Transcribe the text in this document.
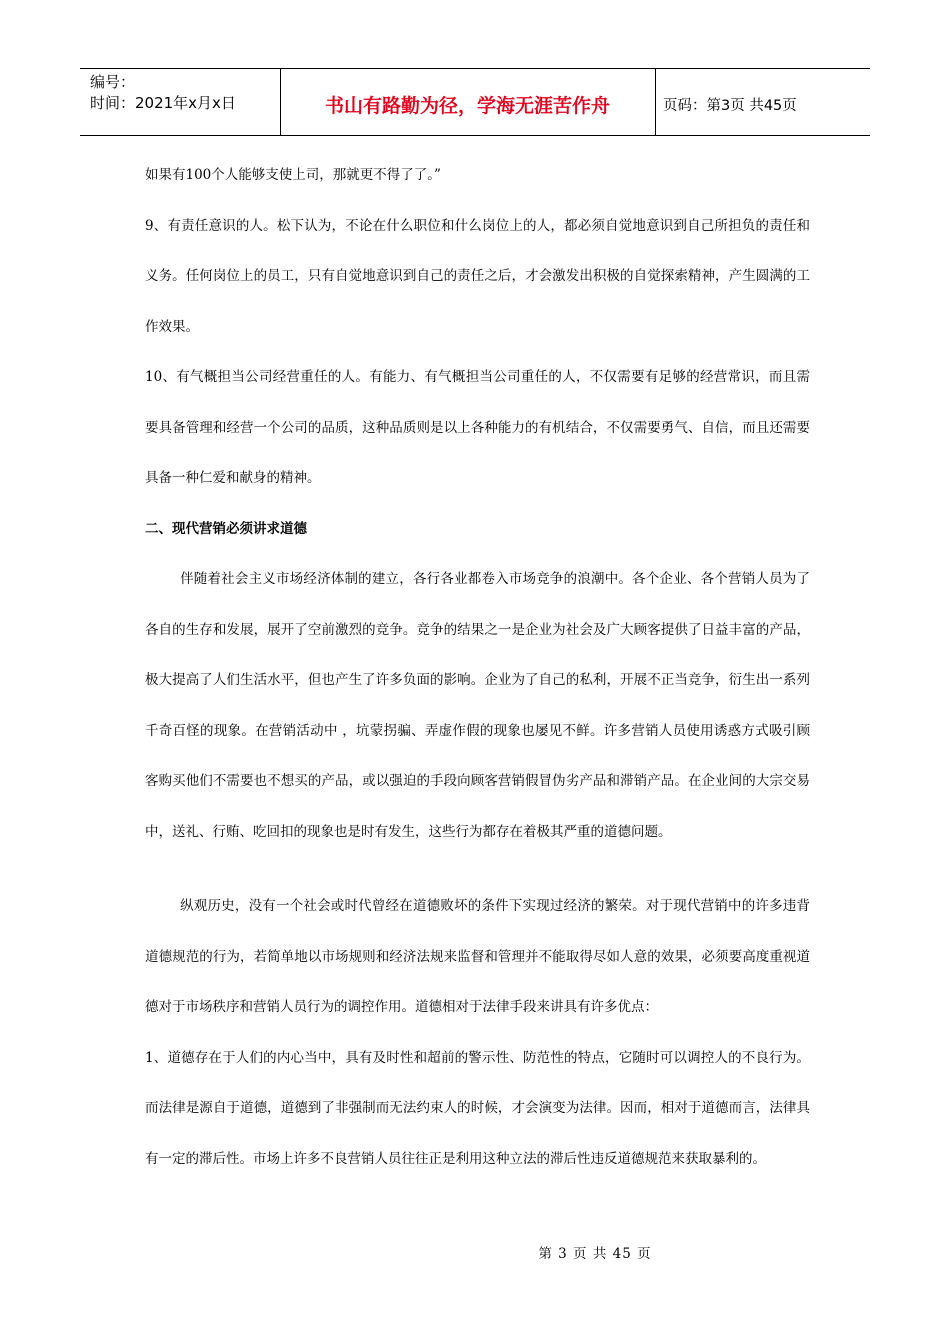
编号：
时间：2021年x月x日	书山有路勤为径，学海无涯苦作舟	页码：第3页 共45页

如果有100个人能够支使上司，那就更不得了了。”

9、有责任意识的人。松下认为，不论在什么职位和什么岗位上的人，都必须自觉地意识到自己所担负的责任和义务。任何岗位上的员工，只有自觉地意识到自己的责任之后，才会激发出积极的自觉探索精神，产生圆满的工作效果。

10、有气概担当公司经营重任的人。有能力、有气概担当公司重任的人，不仅需要有足够的经营常识，而且需要具备管理和经营一个公司的品质，这种品质则是以上各种能力的有机结合，不仅需要勇气、自信，而且还需要具备一种仁爱和献身的精神。

二、现代营销必须讲求道德

伴随着社会主义市场经济体制的建立，各行各业都卷入市场竞争的浪潮中。各个企业、各个营销人员为了各自的生存和发展，展开了空前激烈的竞争。竞争的结果之一是企业为社会及广大顾客提供了日益丰富的产品，极大提高了人们生活水平，但也产生了许多负面的影响。企业为了自己的私利，开展不正当竞争，衍生出一系列千奇百怪的现象。在营销活动中 ，坑蒙拐骗、弄虚作假的现象也屡见不鲜。许多营销人员使用诱惑方式吸引顾客购买他们不需要也不想买的产品，或以强迫的手段向顾客营销假冒伪劣产品和滞销产品。在企业间的大宗交易中，送礼、行贿、吃回扣的现象也是时有发生，这些行为都存在着极其严重的道德问题。

纵观历史，没有一个社会或时代曾经在道德败坏的条件下实现过经济的繁荣。对于现代营销中的许多违背道德规范的行为，若简单地以市场规则和经济法规来监督和管理并不能取得尽如人意的效果，必须要高度重视道德对于市场秩序和营销人员行为的调控作用。道德相对于法律手段来讲具有许多优点：

1、道德存在于人们的内心当中，具有及时性和超前的警示性、防范性的特点，它随时可以调控人的不良行为。而法律是源自于道德，道德到了非强制而无法约束人的时候，才会演变为法律。因而，相对于道德而言，法律具有一定的滞后性。市场上许多不良营销人员往往正是利用这种立法的滞后性违反道德规范来获取暴利的。

第 3 页 共 45 页
